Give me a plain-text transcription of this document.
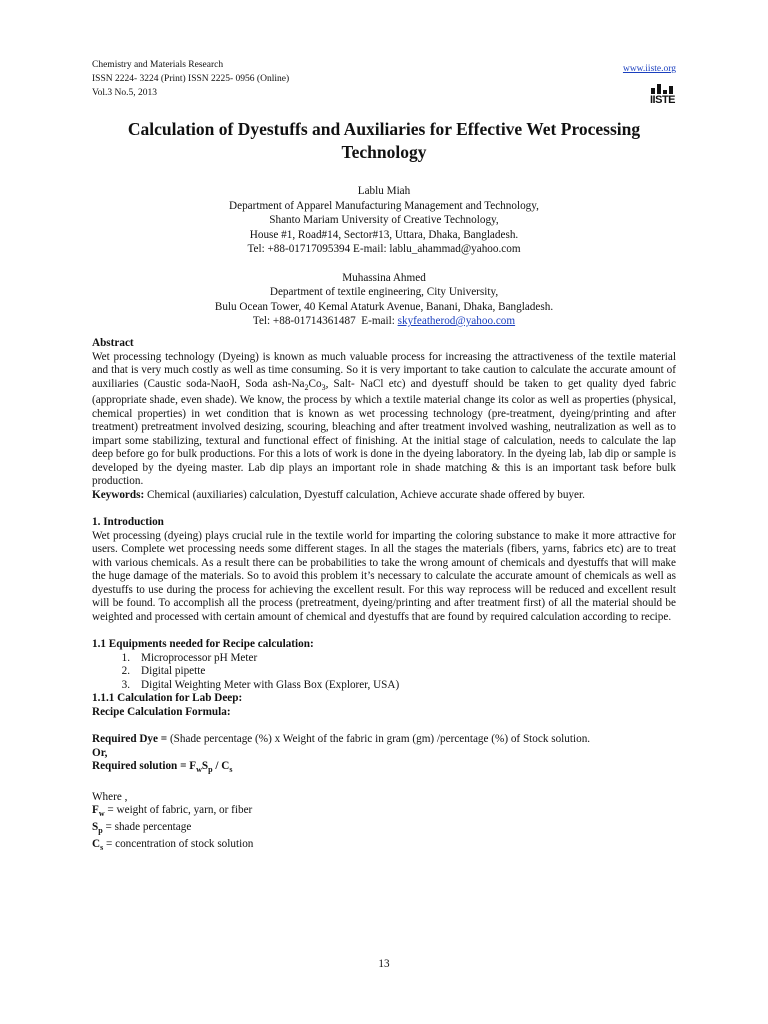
Chemistry and Materials Research
ISSN 2224- 3224 (Print) ISSN 2225- 0956 (Online)
Vol.3 No.5, 2013
www.iiste.org

IISTE
Calculation of Dyestuffs and Auxiliaries for Effective Wet Processing Technology
Lablu Miah
Department of Apparel Manufacturing Management and Technology,
Shanto Mariam University of Creative Technology,
House #1, Road#14, Sector#13, Uttara, Dhaka, Bangladesh.
Tel: +88-01717095394 E-mail: lablu_ahammad@yahoo.com
Muhassina Ahmed
Department of textile engineering, City University,
Bulu Ocean Tower, 40 Kemal Ataturk Avenue, Banani, Dhaka, Bangladesh.
Tel: +88-01714361487  E-mail: skyfeatherod@yahoo.com

Abstract

Wet processing technology (Dyeing) is known as much valuable process for increasing the attractiveness of the textile material and that is very much costly as well as time consuming. So it is very important to take caution to calculate the accurate amount of auxiliaries (Caustic soda-NaoH, Soda ash-$Na_2Co_3$, Salt- NaCl etc) and dyestuff should be taken to get quality dyed fabric (appropriate shade, even shade). We know, the process by which a textile material change its color as well as properties (physical, chemical properties) in wet condition that is known as wet processing technology (pre-treatment, dyeing/printing and after treatment) pretreatment involved desizing, scouring, bleaching and after treatment involved washing, neutralization as well as to impart some stabilizing, textural and functional effect of finishing. At the initial stage of calculation, needs to calculate the lap deep before go for bulk productions. For this a lots of work is done in the dyeing laboratory. In the dyeing lab, lab dip or sample is developed by the dyeing master. Lab dip plays an important role in shade matching & this is an important task before bulk production.

Keywords: Chemical (auxiliaries) calculation, Dyestuff calculation, Achieve accurate shade offered by buyer.

1. Introduction

Wet processing (dyeing) plays crucial rule in the textile world for imparting the coloring substance to make it more attractive for users. Complete wet processing needs some different stages. In all the stages the materials (fibers, yarns, fabrics etc) are to treat with various chemicals. As a result there can be probabilities to take the wrong amount of chemicals and dyestuffs that will make the huge damage of the materials. So to avoid this problem it’s necessary to calculate the accurate amount of chemicals as well as dyestuffs to use during the process for achieving the excellent result. For this way reprocess will be reduced and excellent result will be found. To accomplish all the process (pretreatment, dyeing/printing and after treatment first) of all the material should be weighted and processed with certain amount of chemical and dyestuffs that are found by required calculation according to recipe.

1.1 Equipments needed for Recipe calculation:

1. Microprocessor pH Meter
2. Digital pipette
3. Digital Weighting Meter with Glass Box (Explorer, USA)

1.1.1 Calculation for Lab Deep:

Recipe Calculation Formula:

Required Dye = (Shade percentage (%) x Weight of the fabric in gram (gm) /percentage (%) of Stock solution.

Or,

Required solution = $F_wS_p / C_s$

Where ,

$F_w$ = weight of fabric, yarn, or fiber

$S_p$ = shade percentage

$C_s$ = concentration of stock solution

13
